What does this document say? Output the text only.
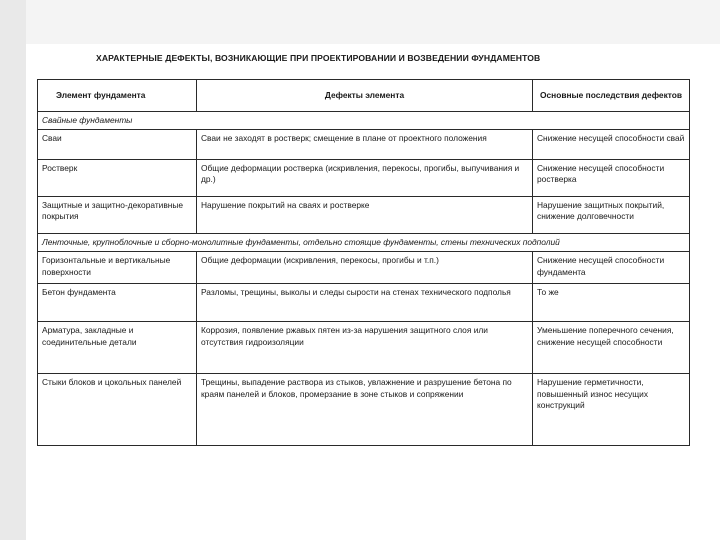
ХАРАКТЕРНЫЕ ДЕФЕКТЫ, ВОЗНИКАЮЩИЕ ПРИ ПРОЕКТИРОВАНИИ И ВОЗВЕДЕНИИ ФУНДАМЕНТОВ
Элемент фундамента	Дефекты элемента	Основные последствия дефектов
Свайные фундаменты		
Сваи	Сваи не заходят в ростверк; смещение в плане от проектного положения	Снижение несущей способности свай
Ростверк	Общие деформации ростверка (искривления, перекосы, прогибы, выпучивания и др.)	Снижение несущей способности ростверка
Защитные и защитно-декоративные покрытия	Нарушение покрытий на сваях и ростверке	Нарушение защитных покрытий, снижение долговечности
Ленточные, крупноблочные и сборно-монолитные фундаменты, отдельно стоящие фундаменты, стены технических подполий		
Горизонтальные и вертикальные поверхности	Общие деформации (искривления, перекосы, прогибы и т.п.)	Снижение несущей способности фундамента
Бетон фундамента	Разломы, трещины, выколы и следы сырости на стенах технического подполья	То же
Арматура, закладные и соединительные детали	Коррозия, появление ржавых пятен из-за нарушения защитного слоя или отсутствия гидроизоляции	Уменьшение поперечного сечения, снижение несущей способности
Стыки блоков и цокольных панелей	Трещины, выпадение раствора из стыков, увлажнение и разрушение бетона по краям панелей и блоков, промерзание в зоне стыков и сопряжении	Нарушение герметичности, повышенный износ несущих конструкций
